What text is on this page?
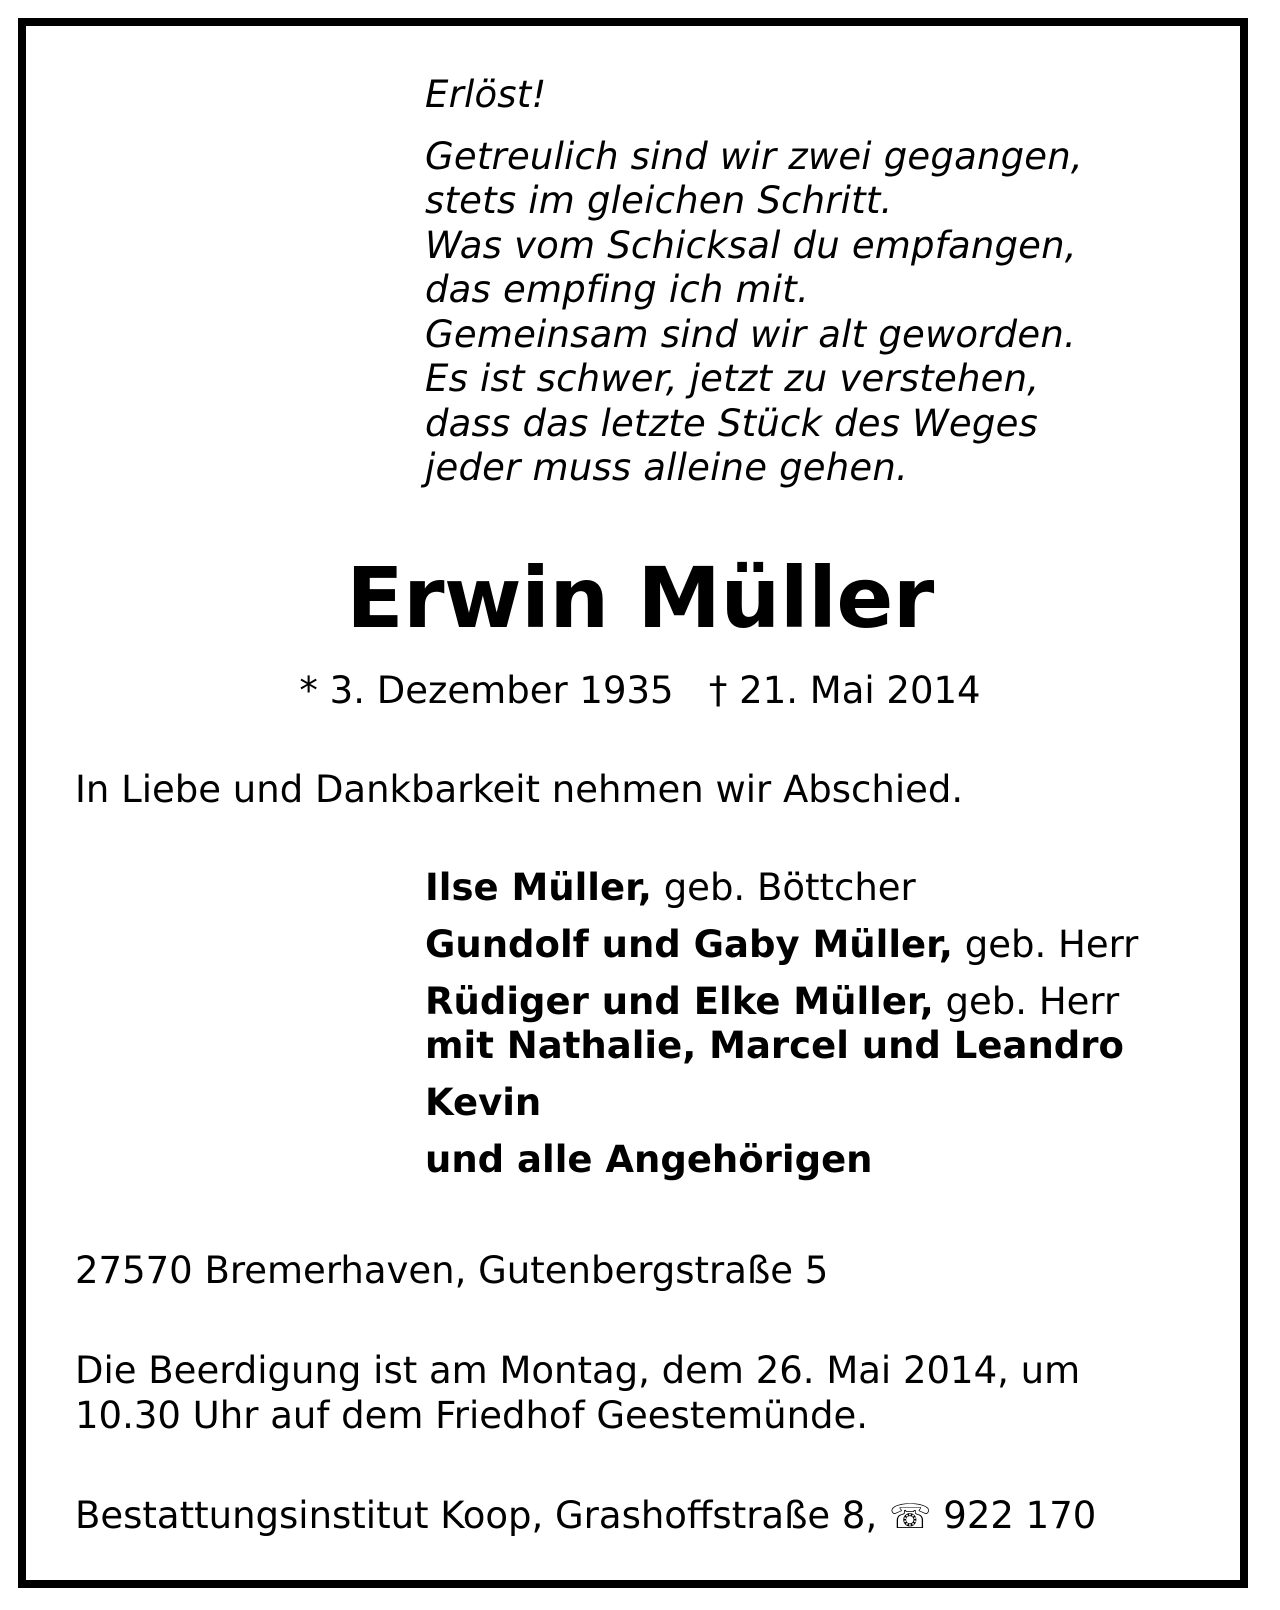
Erlöst!
Getreulich sind wir zwei gegangen,
stets im gleichen Schritt.
Was vom Schicksal du empfangen,
das empfing ich mit.
Gemeinsam sind wir alt geworden.
Es ist schwer, jetzt zu verstehen,
dass das letzte Stück des Weges
jeder muss alleine gehen.
Erwin Müller
* 3. Dezember 1935 † 21. Mai 2014
In Liebe und Dankbarkeit nehmen wir Abschied.
Ilse Müller, geb. Böttcher
Gundolf und Gaby Müller, geb. Herr
Rüdiger und Elke Müller, geb. Herr
mit Nathalie, Marcel und Leandro
Kevin
und alle Angehörigen
27570 Bremerhaven, Gutenbergstraße 5
Die Beerdigung ist am Montag, dem 26. Mai 2014, um
10.30 Uhr auf dem Friedhof Geestemünde.
Bestattungsinstitut Koop, Grashoffstraße 8, ☏ 922 170
